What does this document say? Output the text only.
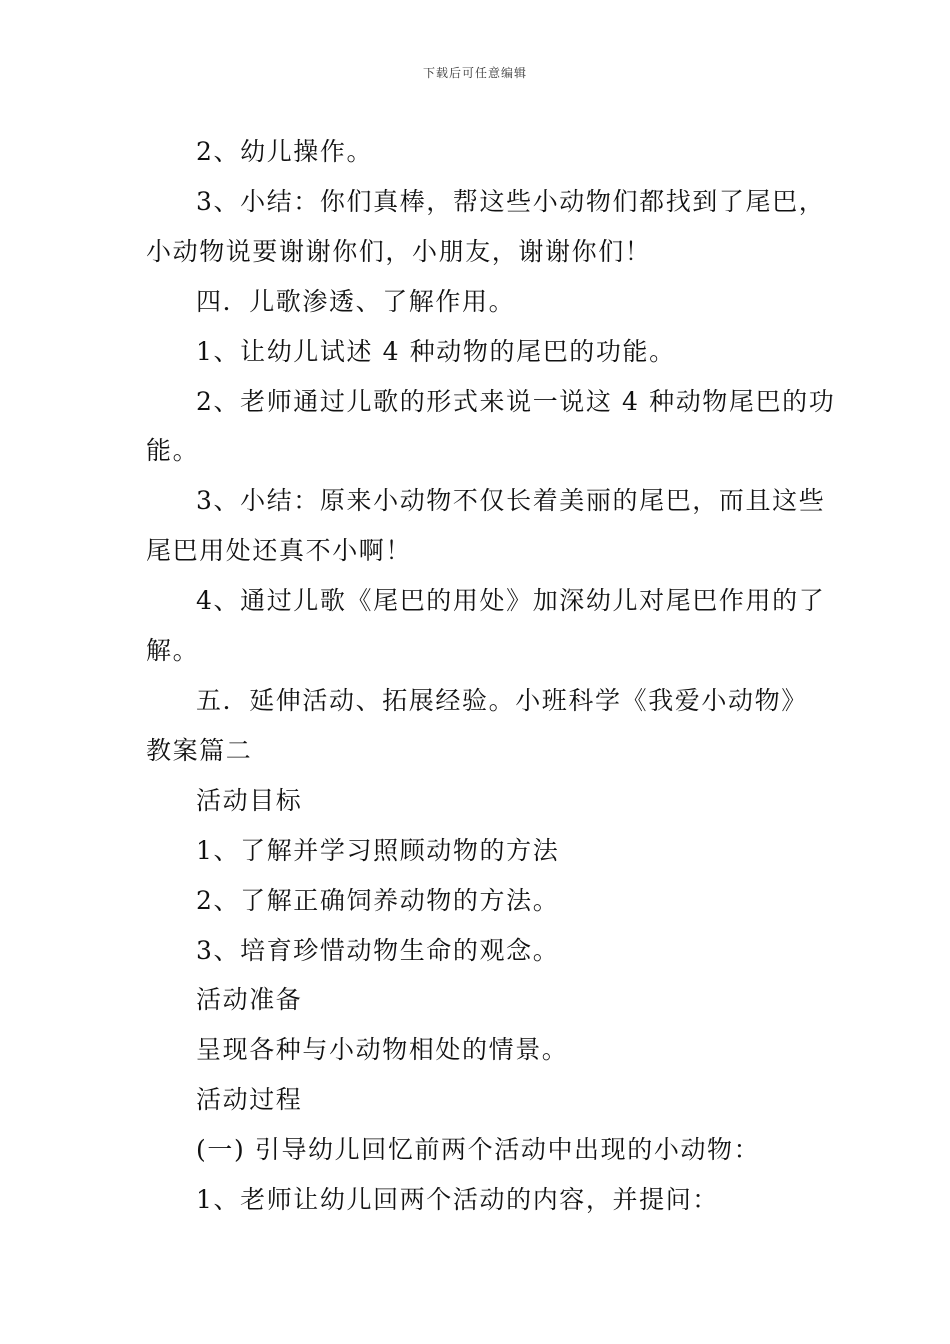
下载后可任意编辑
2、幼儿操作。
3、小结：你们真棒，帮这些小动物们都找到了尾巴，
小动物说要谢谢你们，小朋友，谢谢你们！
四．儿歌渗透、了解作用。
1、让幼儿试述 4 种动物的尾巴的功能。
2、老师通过儿歌的形式来说一说这 4 种动物尾巴的功
能。
3、小结：原来小动物不仅长着美丽的尾巴，而且这些
尾巴用处还真不小啊！
4、通过儿歌《尾巴的用处》加深幼儿对尾巴作用的了
解。
五．延伸活动、拓展经验。小班科学《我爱小动物》
教案篇二
活动目标
1、了解并学习照顾动物的方法
2、了解正确饲养动物的方法。
3、培育珍惜动物生命的观念。
活动准备
呈现各种与小动物相处的情景。
活动过程
(一) 引导幼儿回忆前两个活动中出现的小动物：
1、老师让幼儿回两个活动的内容，并提问：
